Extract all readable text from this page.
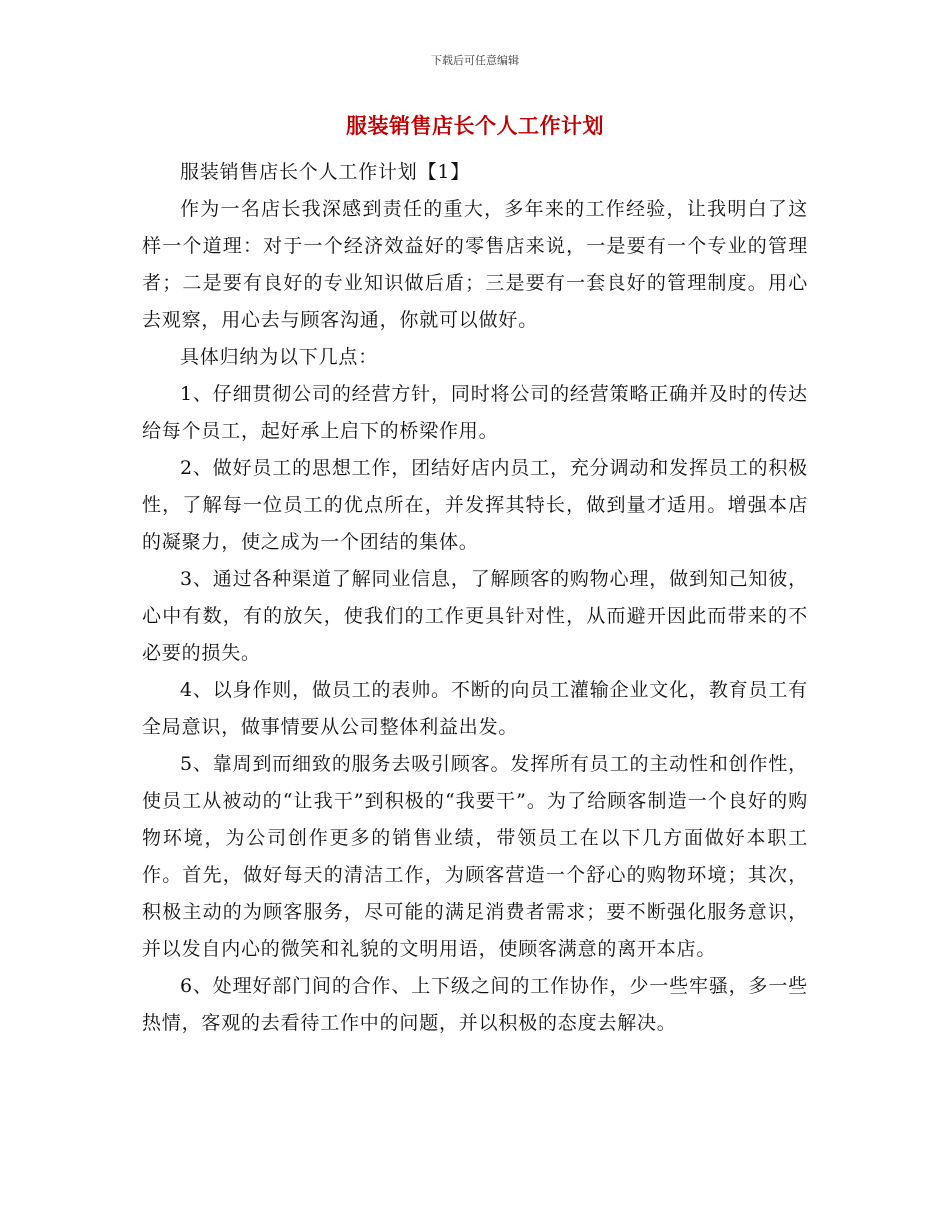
下载后可任意编辑
服装销售店长个人工作计划

服装销售店长个人工作计划【1】

作为一名店长我深感到责任的重大，多年来的工作经验，让我明白了这样一个道理：对于一个经济效益好的零售店来说，一是要有一个专业的管理者；二是要有良好的专业知识做后盾；三是要有一套良好的管理制度。用心去观察，用心去与顾客沟通，你就可以做好。

具体归纳为以下几点：

1、仔细贯彻公司的经营方针，同时将公司的经营策略正确并及时的传达给每个员工，起好承上启下的桥梁作用。

2、做好员工的思想工作，团结好店内员工，充分调动和发挥员工的积极性，了解每一位员工的优点所在，并发挥其特长，做到量才适用。增强本店的凝聚力，使之成为一个团结的集体。

3、通过各种渠道了解同业信息，了解顾客的购物心理，做到知己知彼，心中有数，有的放矢，使我们的工作更具针对性，从而避开因此而带来的不必要的损失。

4、以身作则，做员工的表帅。不断的向员工灌输企业文化，教育员工有全局意识，做事情要从公司整体利益出发。

5、靠周到而细致的服务去吸引顾客。发挥所有员工的主动性和创作性，使员工从被动的“让我干”到积极的“我要干”。为了给顾客制造一个良好的购物环境，为公司创作更多的销售业绩，带领员工在以下几方面做好本职工作。首先，做好每天的清洁工作，为顾客营造一个舒心的购物环境；其次，积极主动的为顾客服务，尽可能的满足消费者需求；要不断强化服务意识，并以发自内心的微笑和礼貌的文明用语，使顾客满意的离开本店。

6、处理好部门间的合作、上下级之间的工作协作，少一些牢骚，多一些热情，客观的去看待工作中的问题，并以积极的态度去解决。
